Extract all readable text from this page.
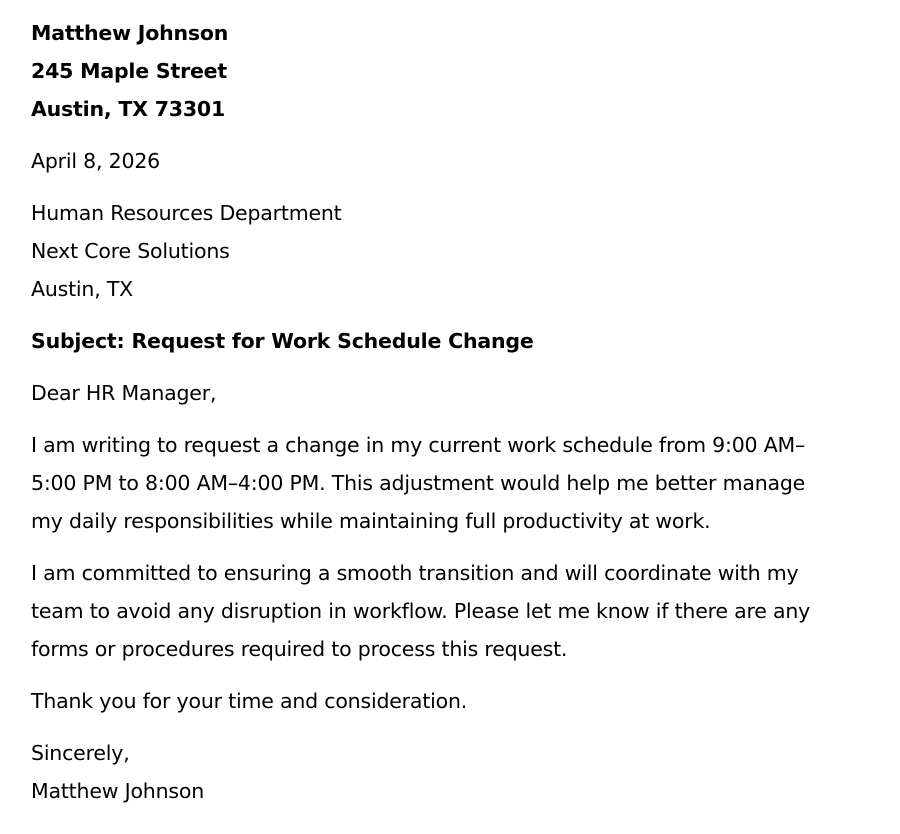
Matthew Johnson
245 Maple Street
Austin, TX 73301
April 8, 2026
Human Resources Department
Next Core Solutions
Austin, TX
Subject: Request for Work Schedule Change
Dear HR Manager,
I am writing to request a change in my current work schedule from 9:00 AM–
5:00 PM to 8:00 AM–4:00 PM. This adjustment would help me better manage
my daily responsibilities while maintaining full productivity at work.
I am committed to ensuring a smooth transition and will coordinate with my
team to avoid any disruption in workflow. Please let me know if there are any
forms or procedures required to process this request.
Thank you for your time and consideration.
Sincerely,
Matthew Johnson
